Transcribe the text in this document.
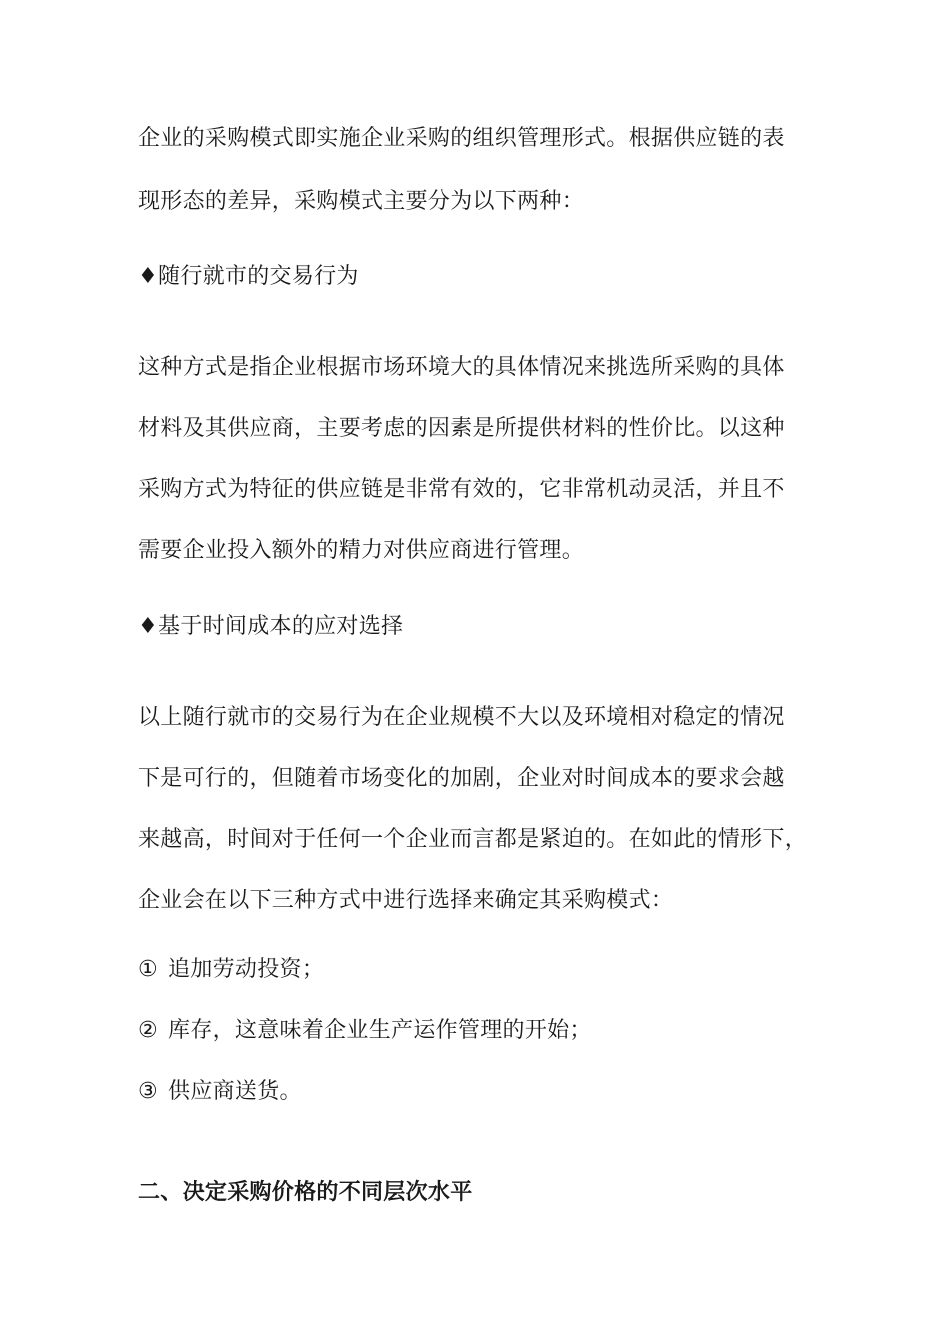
企业的采购模式即实施企业采购的组织管理形式。根据供应链的表
现形态的差异，采购模式主要分为以下两种：
♦随行就市的交易行为
这种方式是指企业根据市场环境大的具体情况来挑选所采购的具体
材料及其供应商，主要考虑的因素是所提供材料的性价比。以这种
采购方式为特征的供应链是非常有效的，它非常机动灵活，并且不
需要企业投入额外的精力对供应商进行管理。
♦基于时间成本的应对选择
以上随行就市的交易行为在企业规模不大以及环境相对稳定的情况
下是可行的，但随着市场变化的加剧，企业对时间成本的要求会越
来越高，时间对于任何一个企业而言都是紧迫的。在如此的情形下，
企业会在以下三种方式中进行选择来确定其采购模式：
① 追加劳动投资；
② 库存，这意味着企业生产运作管理的开始；
③ 供应商送货。
二、决定采购价格的不同层次水平
